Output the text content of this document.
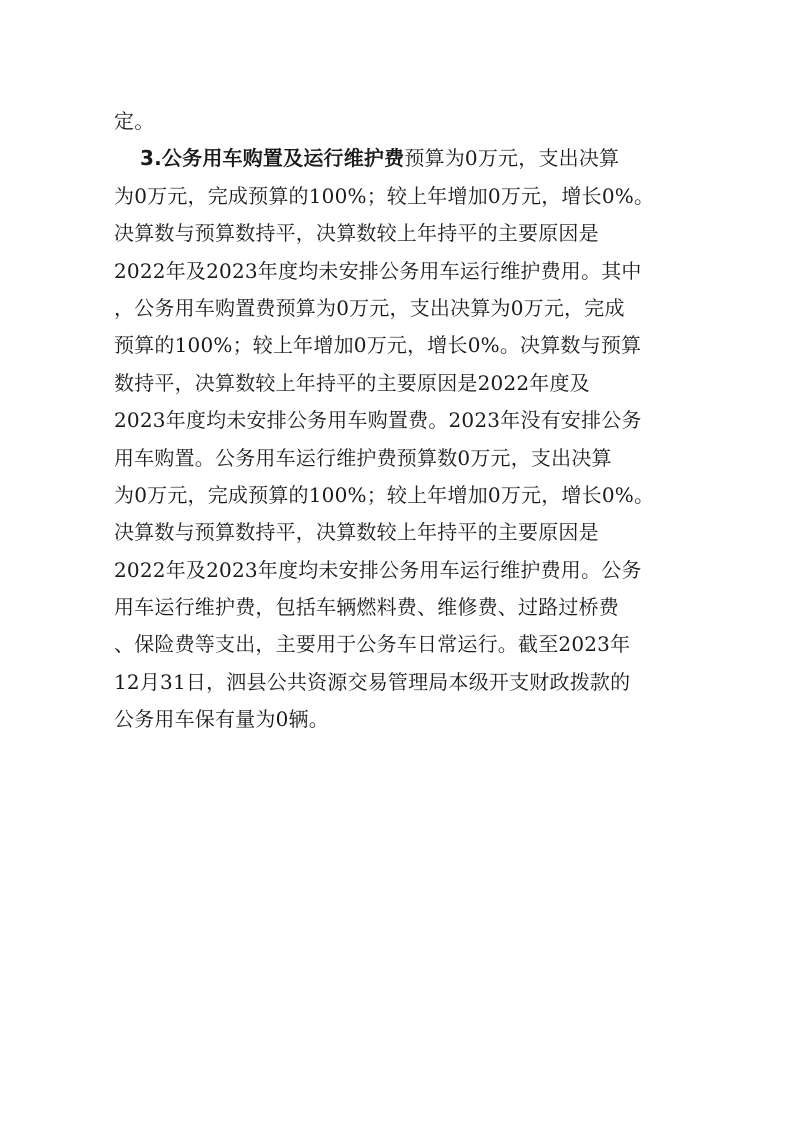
定。
3.公务用车购置及运行维护费预算为0万元，支出决算
为0万元，完成预算的100%；较上年增加0万元，增长0%。
决算数与预算数持平，决算数较上年持平的主要原因是
2022年及2023年度均未安排公务用车运行维护费用。其中
，公务用车购置费预算为0万元，支出决算为0万元，完成
预算的100%；较上年增加0万元，增长0%。决算数与预算
数持平，决算数较上年持平的主要原因是2022年度及
2023年度均未安排公务用车购置费。2023年没有安排公务
用车购置。公务用车运行维护费预算数0万元，支出决算
为0万元，完成预算的100%；较上年增加0万元，增长0%。
决算数与预算数持平，决算数较上年持平的主要原因是
2022年及2023年度均未安排公务用车运行维护费用。公务
用车运行维护费，包括车辆燃料费、维修费、过路过桥费
、保险费等支出，主要用于公务车日常运行。截至2023年
12月31日，泗县公共资源交易管理局本级开支财政拨款的
公务用车保有量为0辆。
